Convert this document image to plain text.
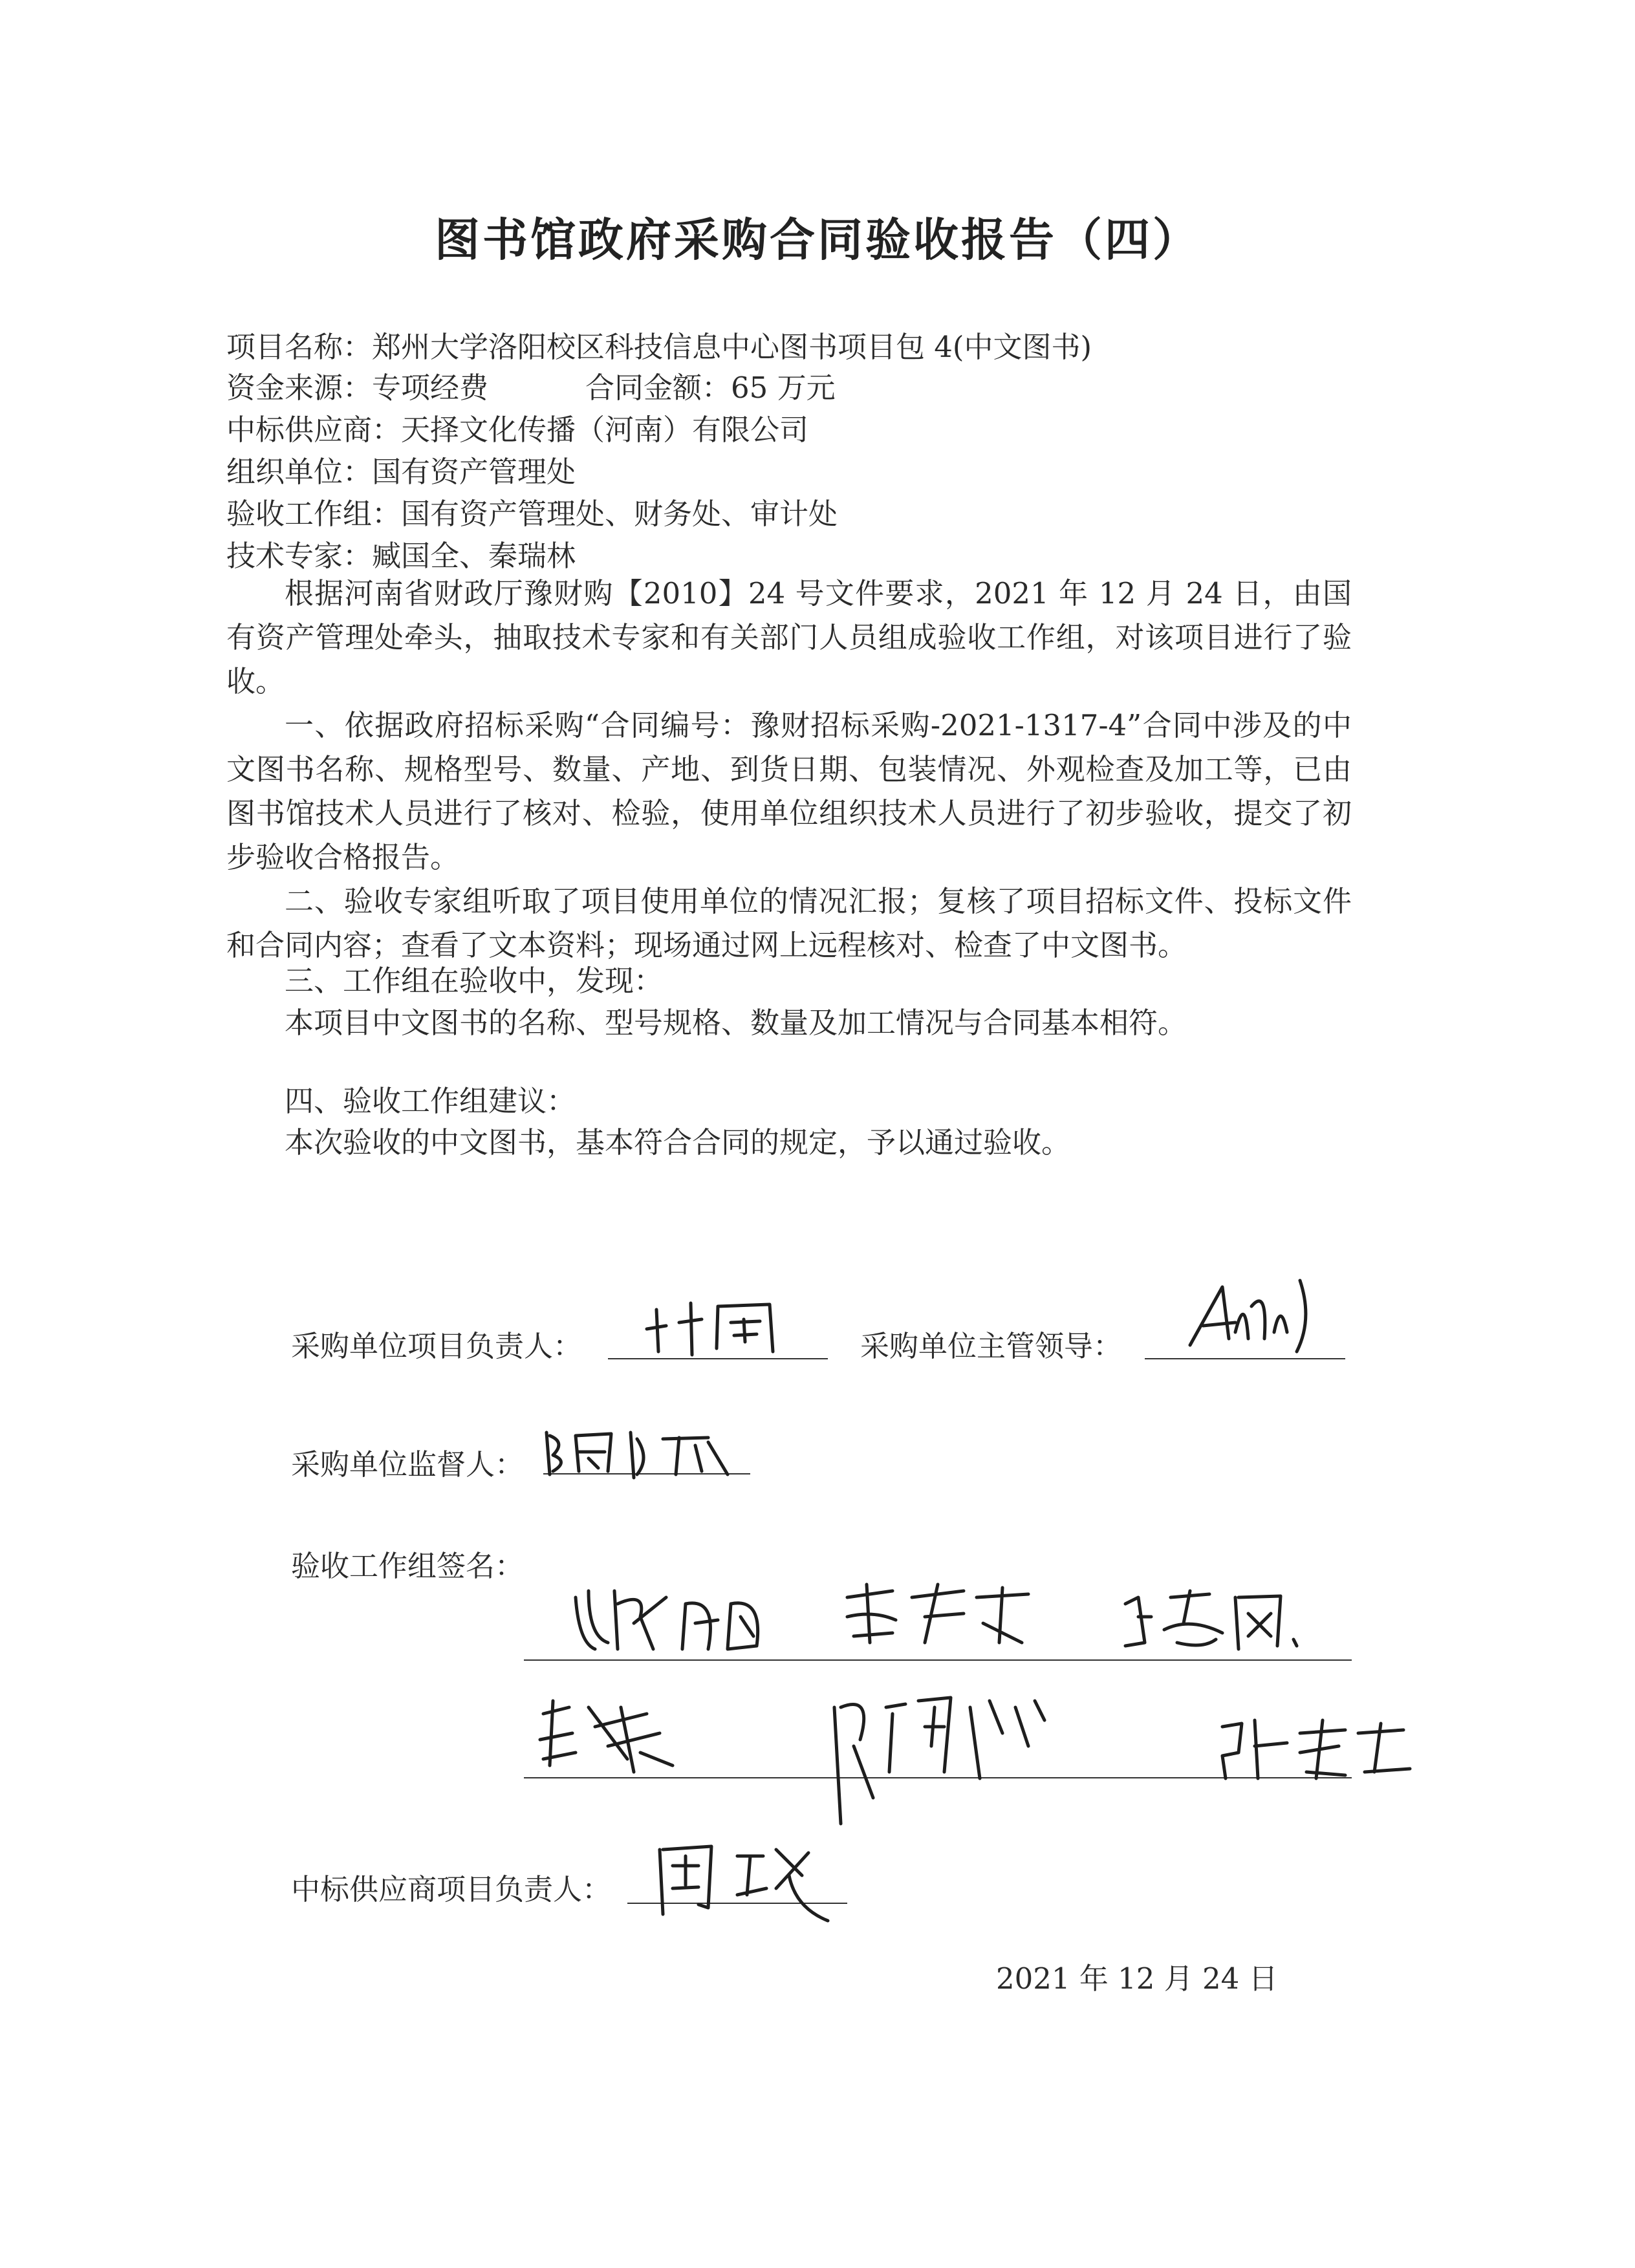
图书馆政府采购合同验收报告（四）
项目名称：郑州大学洛阳校区科技信息中心图书项目包 4(中文图书)
资金来源：专项经费	合同金额：65 万元
中标供应商：天择文化传播（河南）有限公司
组织单位：国有资产管理处
验收工作组：国有资产管理处、财务处、审计处
技术专家：臧国全、秦瑞林
根据河南省财政厅豫财购【2010】24 号文件要求，2021 年 12 月 24 日，由国有资产管理处牵头，抽取技术专家和有关部门人员组成验收工作组，对该项目进行了验收。
一、依据政府招标采购“合同编号：豫财招标采购-2021-1317-4”合同中涉及的中文图书名称、规格型号、数量、产地、到货日期、包装情况、外观检查及加工等，已由图书馆技术人员进行了核对、检验，使用单位组织技术人员进行了初步验收，提交了初步验收合格报告。
二、验收专家组听取了项目使用单位的情况汇报；复核了项目招标文件、投标文件和合同内容；查看了文本资料；现场通过网上远程核对、检查了中文图书。
三、工作组在验收中，发现：
本项目中文图书的名称、型号规格、数量及加工情况与合同基本相符。
四、验收工作组建议：
本次验收的中文图书，基本符合合同的规定，予以通过验收。
采购单位项目负责人：	采购单位主管领导：
采购单位监督人：
验收工作组签名：
中标供应商项目负责人：
2021 年 12 月 24 日
